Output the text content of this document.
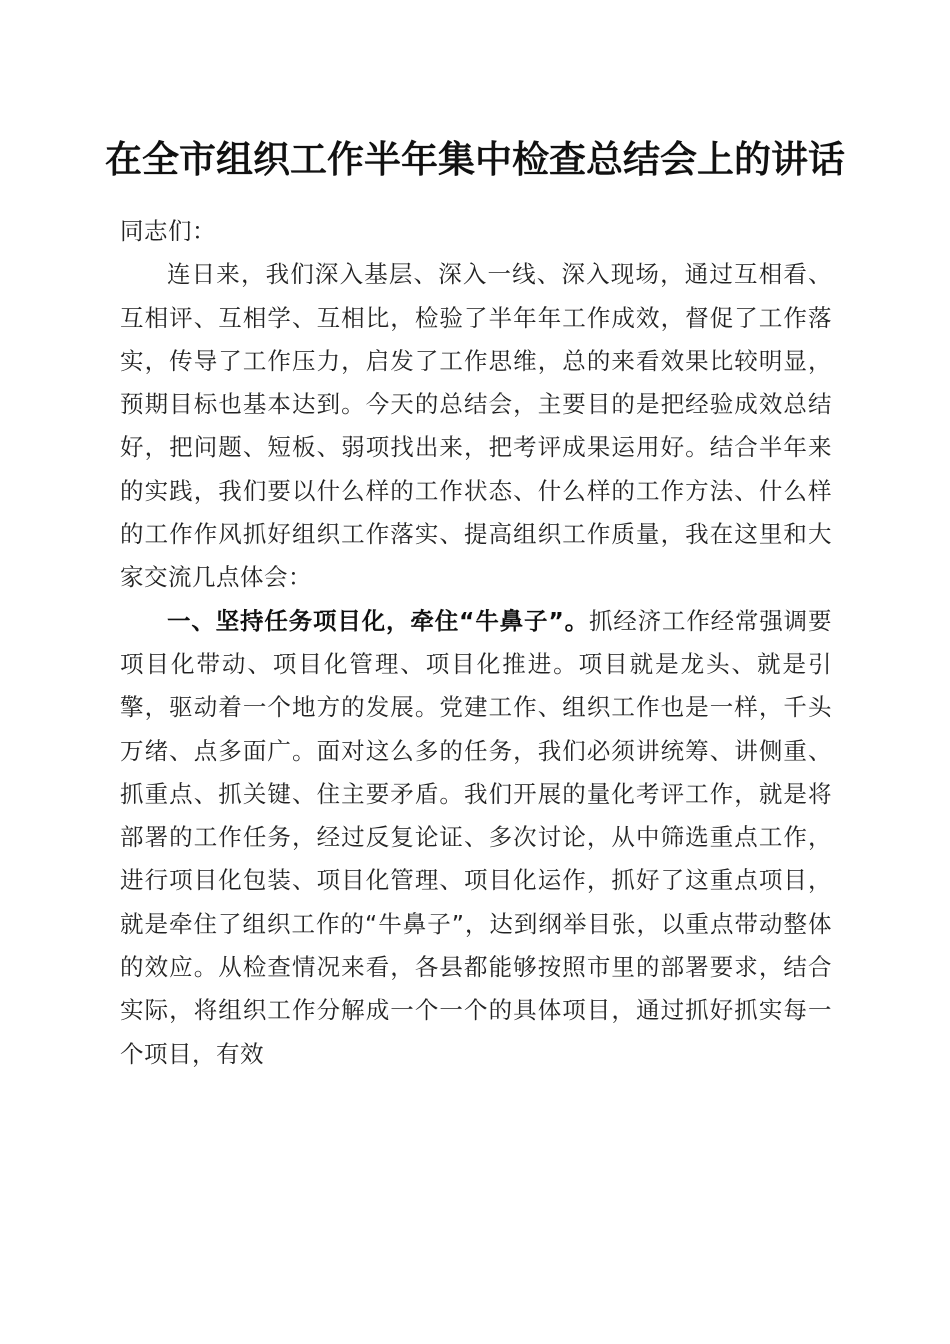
在全市组织工作半年集中检查总结会上的讲话

同志们：

连日来，我们深入基层、深入一线、深入现场，通过互相看、互相评、互相学、互相比，检验了半年年工作成效，督促了工作落实，传导了工作压力，启发了工作思维，总的来看效果比较明显，预期目标也基本达到。今天的总结会，主要目的是把经验成效总结好，把问题、短板、弱项找出来，把考评成果运用好。结合半年来的实践，我们要以什么样的工作状态、什么样的工作方法、什么样的工作作风抓好组织工作落实、提高组织工作质量，我在这里和大家交流几点体会：

一、坚持任务项目化，牵住“牛鼻子”。抓经济工作经常强调要项目化带动、项目化管理、项目化推进。项目就是龙头、就是引擎，驱动着一个地方的发展。党建工作、组织工作也是一样，千头万绪、点多面广。面对这么多的任务，我们必须讲统筹、讲侧重、抓重点、抓关键、住主要矛盾。我们开展的量化考评工作，就是将部署的工作任务，经过反复论证、多次讨论，从中筛选重点工作，进行项目化包装、项目化管理、项目化运作，抓好了这重点项目，就是牵住了组织工作的“牛鼻子”，达到纲举目张，以重点带动整体的效应。从检查情况来看，各县都能够按照市里的部署要求，结合实际，将组织工作分解成一个一个的具体项目，通过抓好抓实每一个项目，有效
